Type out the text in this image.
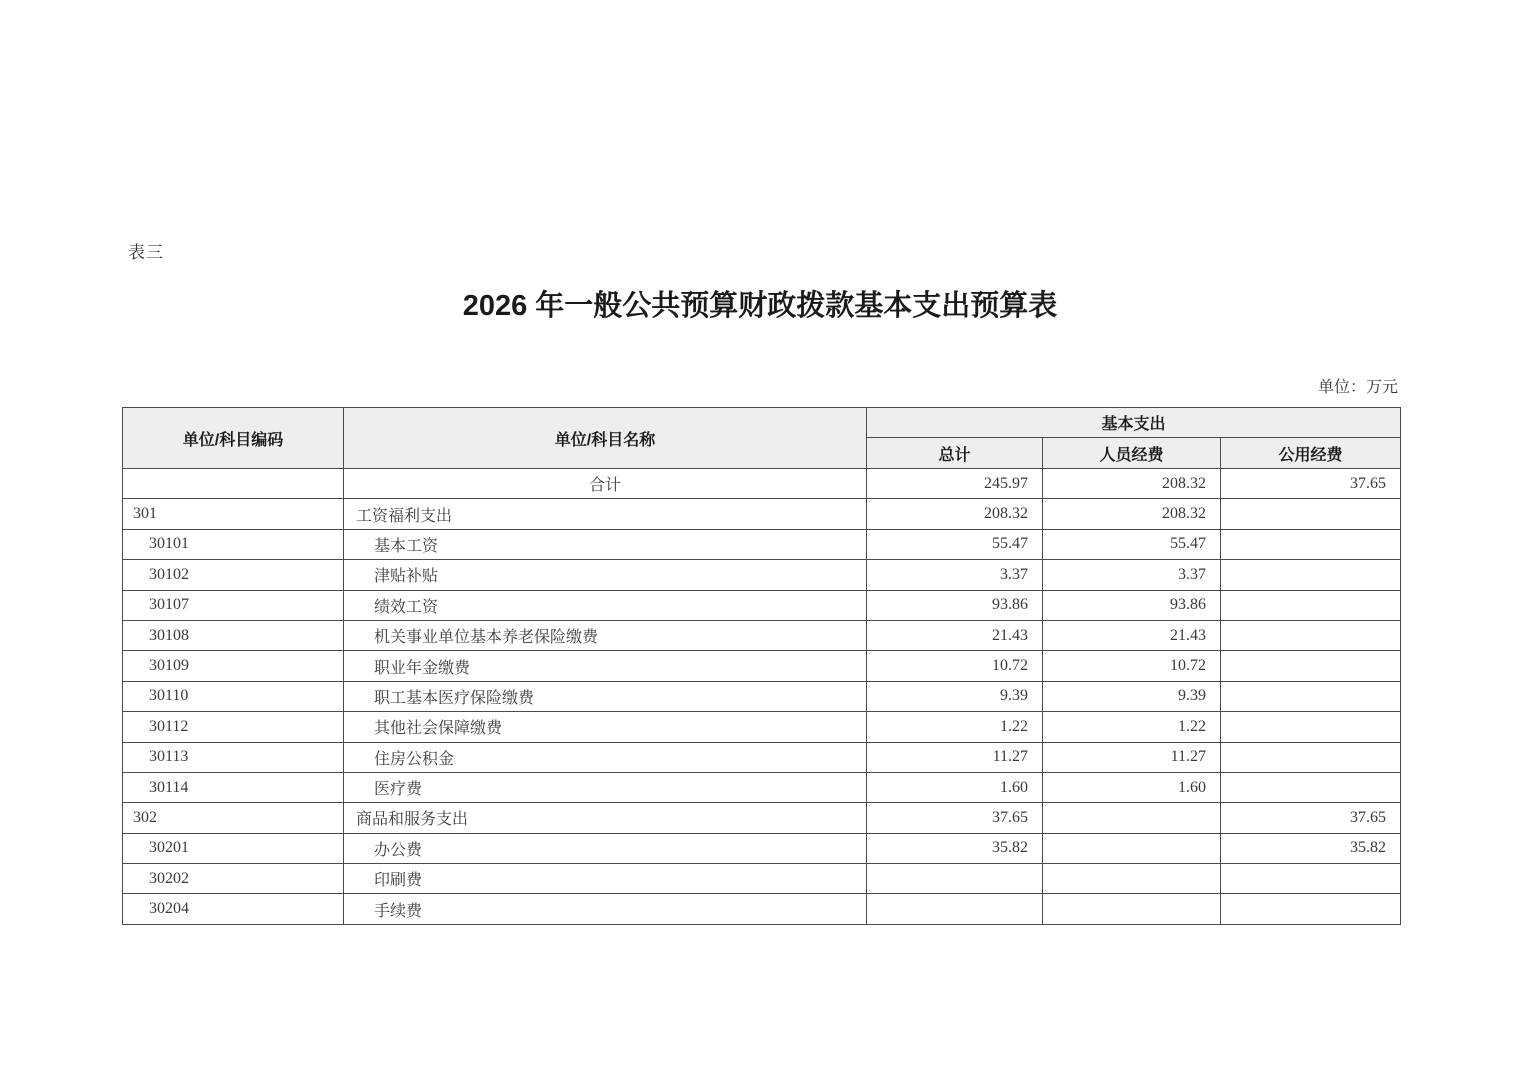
表三
2026 年一般公共预算财政拨款基本支出预算表
单位：万元
单位/科目编码	单位/科目名称	基本支出		
		总计	人员经费	公用经费
	合计	245.97	208.32	37.65
301	工资福利支出	208.32	208.32	
30101	基本工资	55.47	55.47	
30102	津贴补贴	3.37	3.37	
30107	绩效工资	93.86	93.86	
30108	机关事业单位基本养老保险缴费	21.43	21.43	
30109	职业年金缴费	10.72	10.72	
30110	职工基本医疗保险缴费	9.39	9.39	
30112	其他社会保障缴费	1.22	1.22	
30113	住房公积金	11.27	11.27	
30114	医疗费	1.60	1.60	
302	商品和服务支出	37.65		37.65
30201	办公费	35.82		35.82
30202	印刷费			
30204	手续费			
